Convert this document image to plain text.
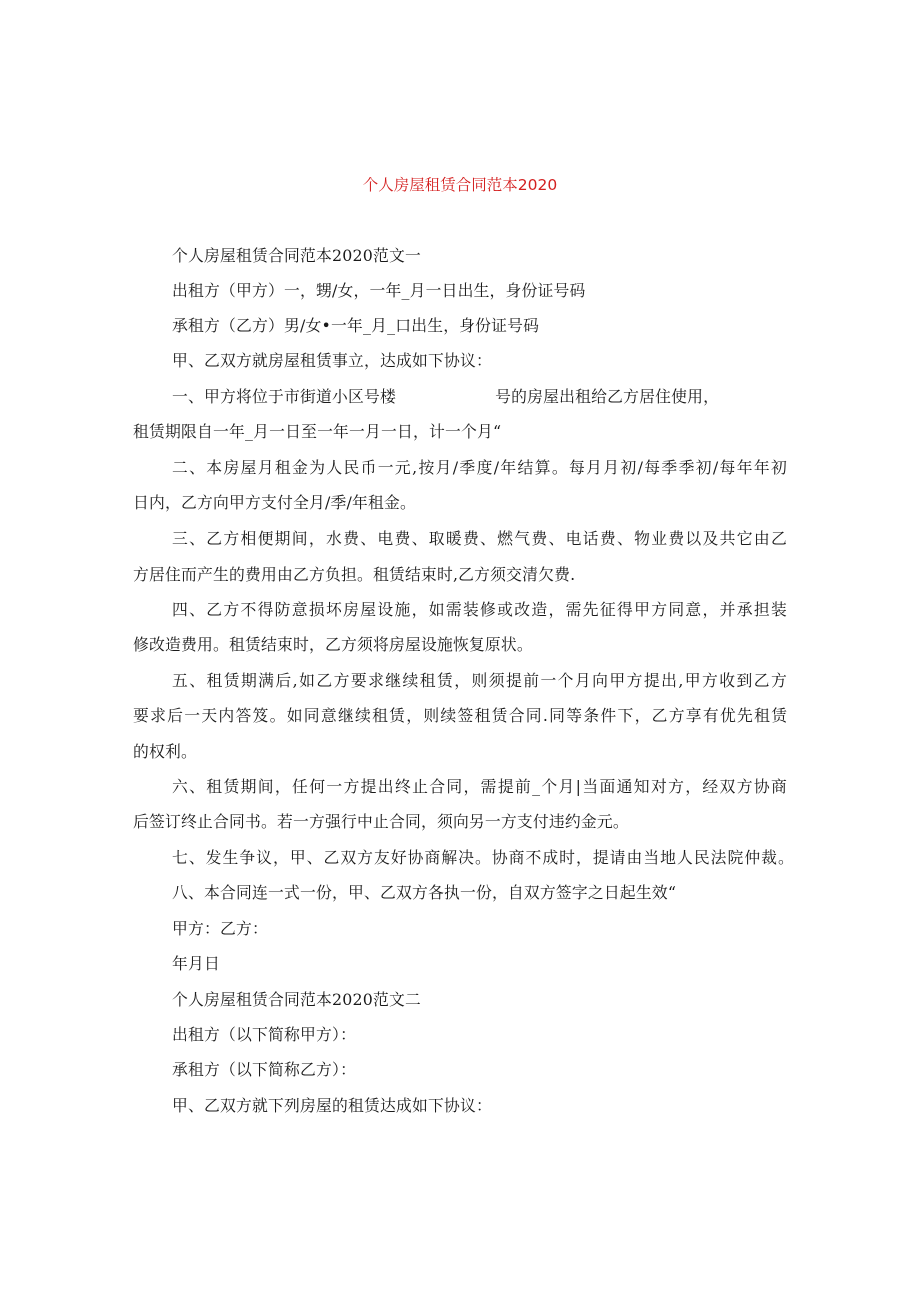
个人房屋租赁合同范本2020
个人房屋租赁合同范本2020范文一
出租方（甲方）一，甥/女，一年_月一日出生，身份证号码
承租方（乙方）男/女•一年_月_口出生，身份证号码
甲、乙双方就房屋租赁事立，达成如下协议：
一、甲方将位于市街道小区号楼                   号的房屋出租给乙方居住使用，
租赁期限自一年_月一日至一年一月一日，计一个月“
二、本房屋月租金为人民币一元,按月/季度/年结算。每月月初/每季季初/每年年初
日内，乙方向甲方支付全月/季/年租金。
三、乙方相便期间，水费、电费、取暖费、燃气费、电话费、物业费以及共它由乙
方居住而产生的费用由乙方负担。租赁结束时,乙方须交清欠费.
四、乙方不得防意损坏房屋设施，如需装修或改造，需先征得甲方同意，并承担装
修改造费用。租赁结束时，乙方须将房屋设施恢复原状。
五、租赁期满后,如乙方要求继续租赁，则须提前一个月向甲方提出,甲方收到乙方
要求后一天内答笈。如同意继续租赁，则续签租赁合同.同等条件下，乙方享有优先租赁
的权利。
六、租赁期间，任何一方提出终止合同，需提前_个月|当面通知对方，经双方协商
后签订终止合同书。若一方强行中止合同，须向另一方支付违约金元。
七、发生争议，甲、乙双方友好协商解决。协商不成时，提请由当地人民法院仲裁。
八、本合同连一式一份，甲、乙双方各执一份，自双方签字之日起生效“
甲方：乙方：
年月日
个人房屋租赁合同范本2020范文二
出租方（以下简称甲方）：
承租方（以下简称乙方）：
甲、乙双方就下列房屋的租赁达成如下协议：
